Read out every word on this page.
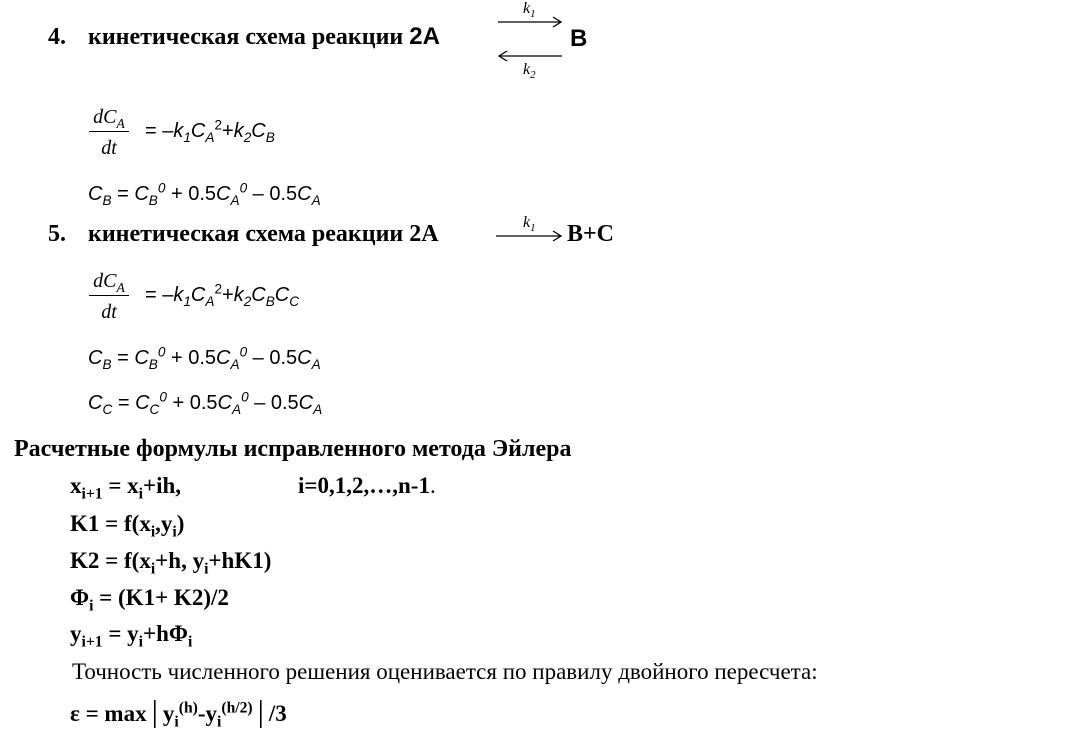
4. кинетическая схема реакции 2A
$k_1$
$k_2$
B
$dC_A$
dt
= $-k_1C_A^2+k_2C_B$
$C_B = C_B^0 + 0.5C_A^0 - 0.5C_A$
5. кинетическая схема реакции 2A	$k_1$ B+C
$dC_A$
dt
= $-k_1C_A^2+k_2C_BC_C$
$C_B = C_B^0 + 0.5C_A^0 - 0.5C_A$
$C_C = C_C^0 + 0.5C_A^0 - 0.5C_A$
Расчетные формулы исправленного метода Эйлера
$x_{i+1} = x_i+ih$,	i=0,1,2,…,n-1.
$K1 = f(x_i,y_i)$
$K2 = f(x_i+h$, $y_i+hK1$)
$\Phi_i = (K1+ K2)/2$
$y_{i+1} = y_i+h\Phi_i$
Точность численного решения оценивается по правилу двойного пересчета:
$\varepsilon = \max│y_i^{(h)}-y_i^{(h/2)}│/3$
